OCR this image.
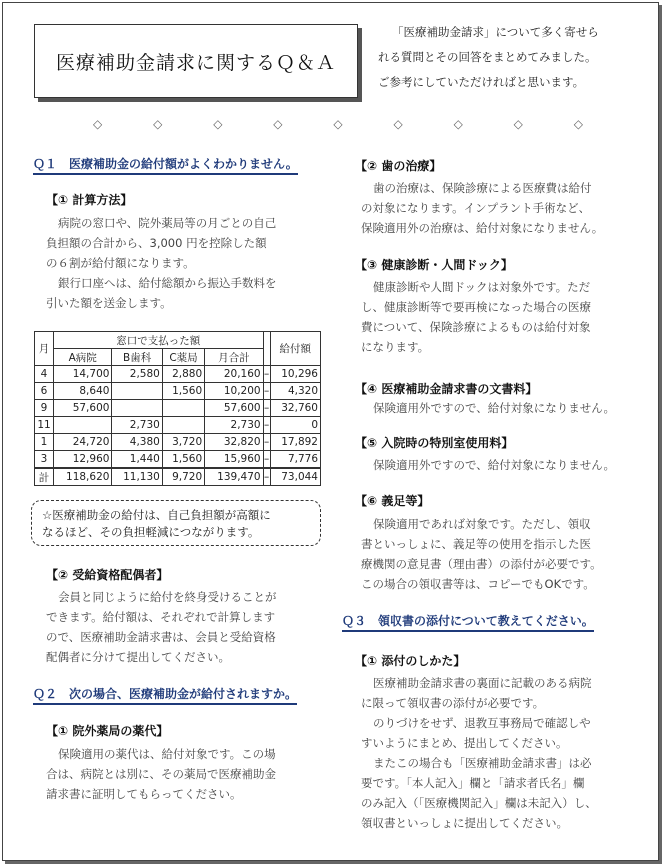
医療補助金請求に関するＱ＆Ａ

「医療補助金請求」について多く寄せら

れる質問とその回答をまとめてみました。

ご参考にしていただければと思います。

◇	◇	◇	◇	◇	◇	◇	◇	◇
Ｑ１　医療補助金の給付額がよくわかりません。
【① 計算方法】
病院の窓口や、院外薬局等の月ごとの自己
負担額の合計から、3,000 円を控除した額
の６割が給付額になります。
銀行口座へは、給付総額から振込手数料を
引いた額を送金します。
月	窓口で支払った額					給付額
	A病院	B歯科	C薬局	月合計		
4	14,700	2,580	2,880	20,160	–	10,296
6	8,640		1,560	10,200	–	4,320
9	57,600			57,600	–	32,760
11		2,730		2,730	–	0
1	24,720	4,380	3,720	32,820	–	17,892
3	12,960	1,440	1,560	15,960	–	7,776
計	118,620	11,130	9,720	139,470	–	73,044
☆医療補助金の給付は、自己負担額が高額に
なるほど、その負担軽減につながります。
【② 受給資格配偶者】
会員と同じように給付を終身受けることが
できます。給付額は、それぞれで計算します
ので、医療補助金請求書は、会員と受給資格
配偶者に分けて提出してください。
Ｑ２　次の場合、医療補助金が給付されますか。
【① 院外薬局の薬代】
保険適用の薬代は、給付対象です。この場
合は、病院とは別に、その薬局で医療補助金
請求書に証明してもらってください。
【② 歯の治療】
歯の治療は、保険診療による医療費は給付
の対象になります。インプラント手術など、
保険適用外の治療は、給付対象になりません。
【③ 健康診断・人間ドック】
健康診断や人間ドックは対象外です。ただ
し、健康診断等で要再検になった場合の医療
費について、保険診療によるものは給付対象
になります。
【④ 医療補助金請求書の文書料】
保険適用外ですので、給付対象になりません。
【⑤ 入院時の特別室使用料】
保険適用外ですので、給付対象になりません。
【⑥ 義足等】
保険適用であれば対象です。ただし、領収
書といっしょに、義足等の使用を指示した医
療機関の意見書（理由書）の添付が必要です。
この場合の領収書等は、コピーでもOKです。
Ｑ３　領収書の添付について教えてください。
【① 添付のしかた】
医療補助金請求書の裏面に記載のある病院
に限って領収書の添付が必要です。
のりづけをせず、退教互事務局で確認しや
すいようにまとめ、提出してください。
またこの場合も「医療補助金請求書」は必
要です。「本人記入」欄と「請求者氏名」欄
のみ記入（「医療機関記入」欄は未記入）し、
領収書といっしょに提出してください。
